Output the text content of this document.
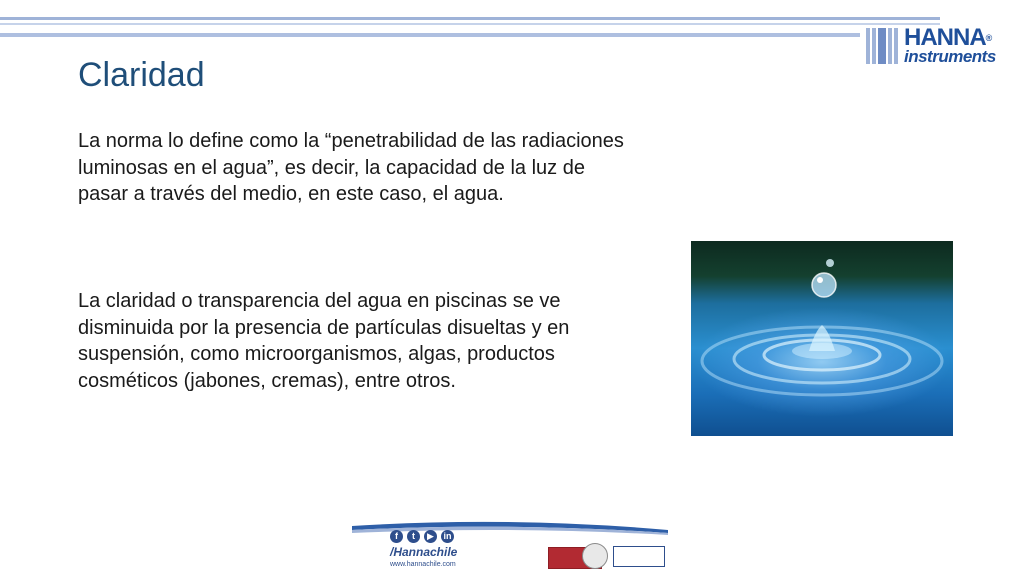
HANNA®
instruments
Claridad

La norma lo define como la “penetrabilidad de las radiaciones luminosas en el agua”, es decir, la capacidad de la luz de pasar a través del medio, en este caso, el agua.

La claridad o transparencia del agua en piscinas se ve disminuida por la presencia de partículas disueltas y en suspensión, como microorganismos, algas, productos cosméticos (jabones, cremas), entre otros.

f	t	▶	in
/Hannachile
www.hannachile.com
